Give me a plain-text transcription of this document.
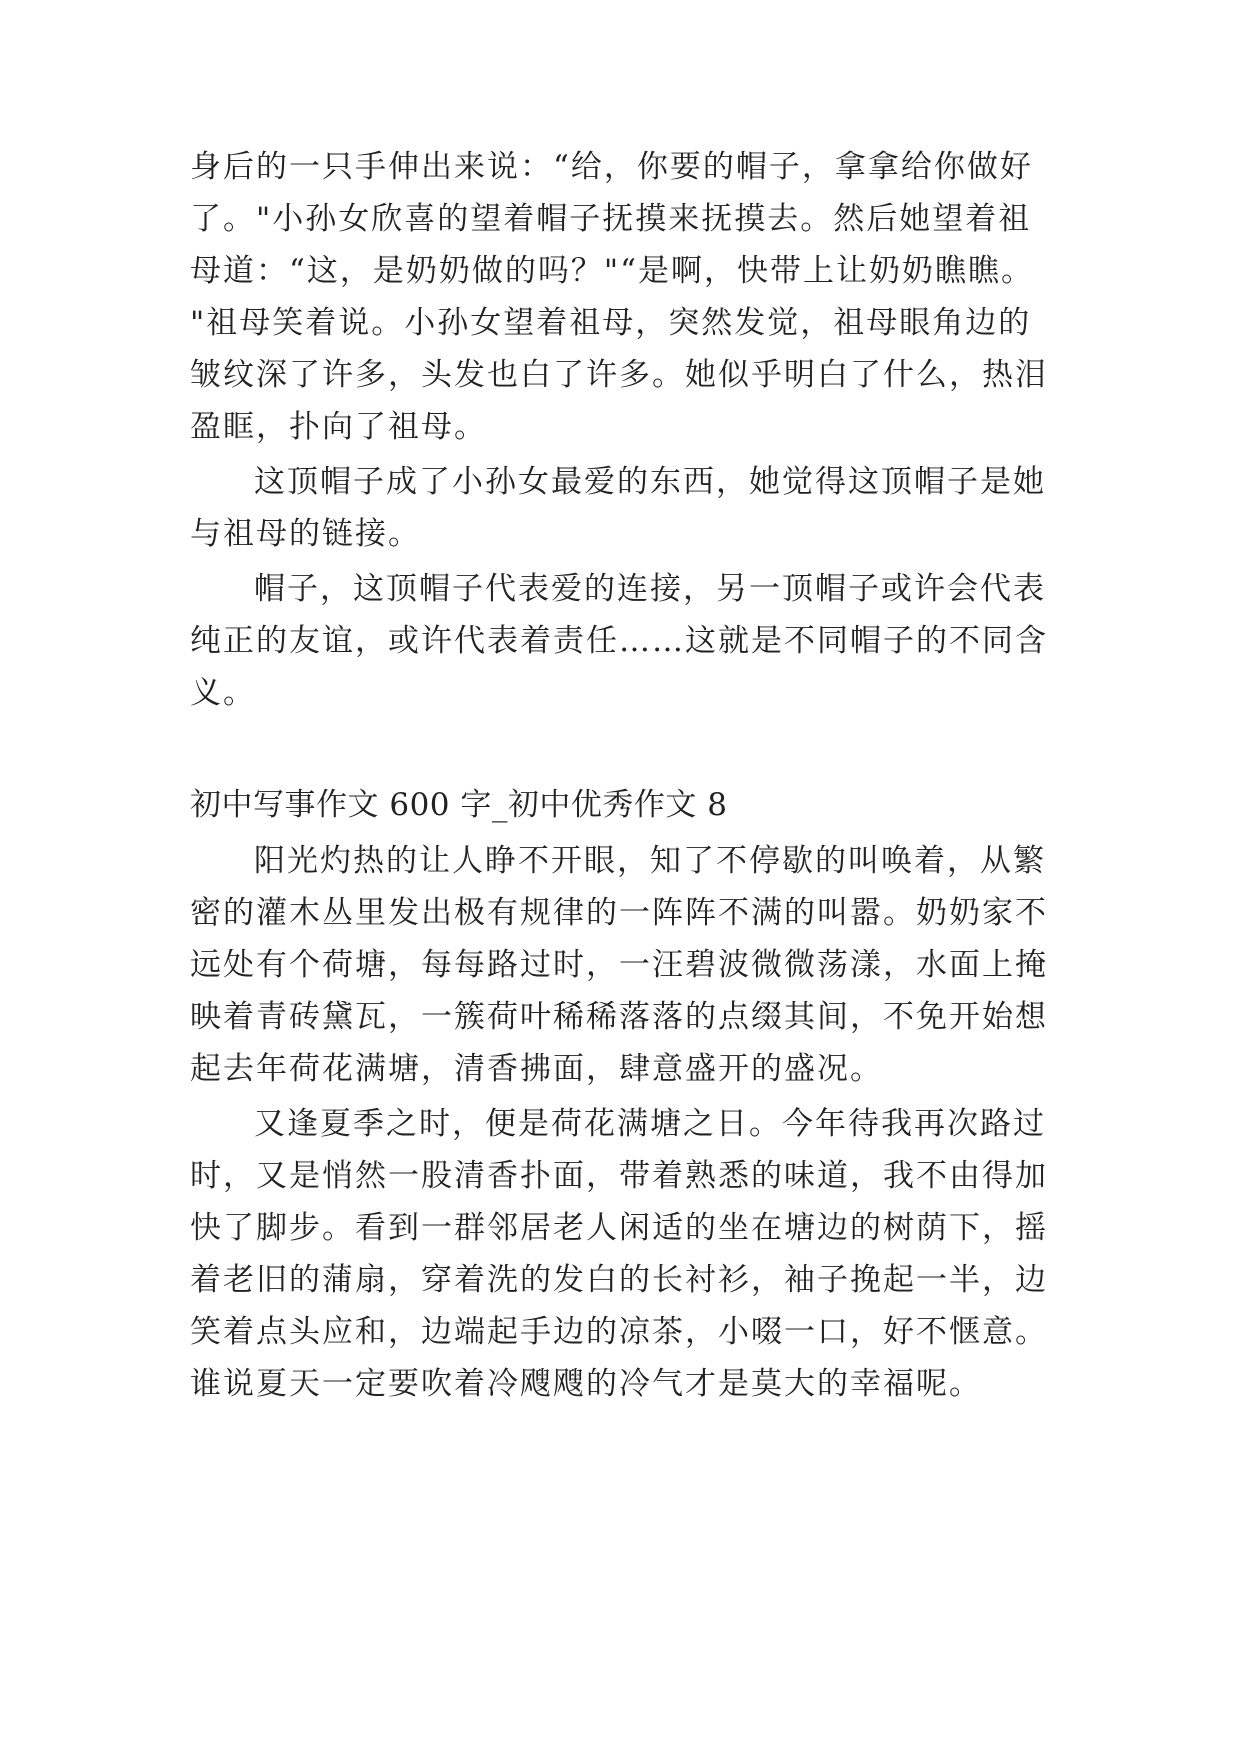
身后的一只手伸出来说：“给，你要的帽子，拿拿给你做好
了。"小孙女欣喜的望着帽子抚摸来抚摸去。然后她望着祖
母道：“这，是奶奶做的吗？"“是啊，快带上让奶奶瞧瞧。
"祖母笑着说。小孙女望着祖母，突然发觉，祖母眼角边的
皱纹深了许多，头发也白了许多。她似乎明白了什么，热泪
盈眶，扑向了祖母。
这顶帽子成了小孙女最爱的东西，她觉得这顶帽子是她
与祖母的链接。
帽子，这顶帽子代表爱的连接，另一顶帽子或许会代表
纯正的友谊，或许代表着责任……这就是不同帽子的不同含
义。
初中写事作文 600 字_初中优秀作文 8
阳光灼热的让人睁不开眼，知了不停歇的叫唤着，从繁
密的灌木丛里发出极有规律的一阵阵不满的叫嚣。奶奶家不
远处有个荷塘，每每路过时，一汪碧波微微荡漾，水面上掩
映着青砖黛瓦，一簇荷叶稀稀落落的点缀其间，不免开始想
起去年荷花满塘，清香拂面，肆意盛开的盛况。
又逢夏季之时，便是荷花满塘之日。今年待我再次路过
时，又是悄然一股清香扑面，带着熟悉的味道，我不由得加
快了脚步。看到一群邻居老人闲适的坐在塘边的树荫下，摇
着老旧的蒲扇，穿着洗的发白的长衬衫，袖子挽起一半，边
笑着点头应和，边端起手边的凉茶，小啜一口，好不惬意。
谁说夏天一定要吹着冷飕飕的冷气才是莫大的幸福呢。
